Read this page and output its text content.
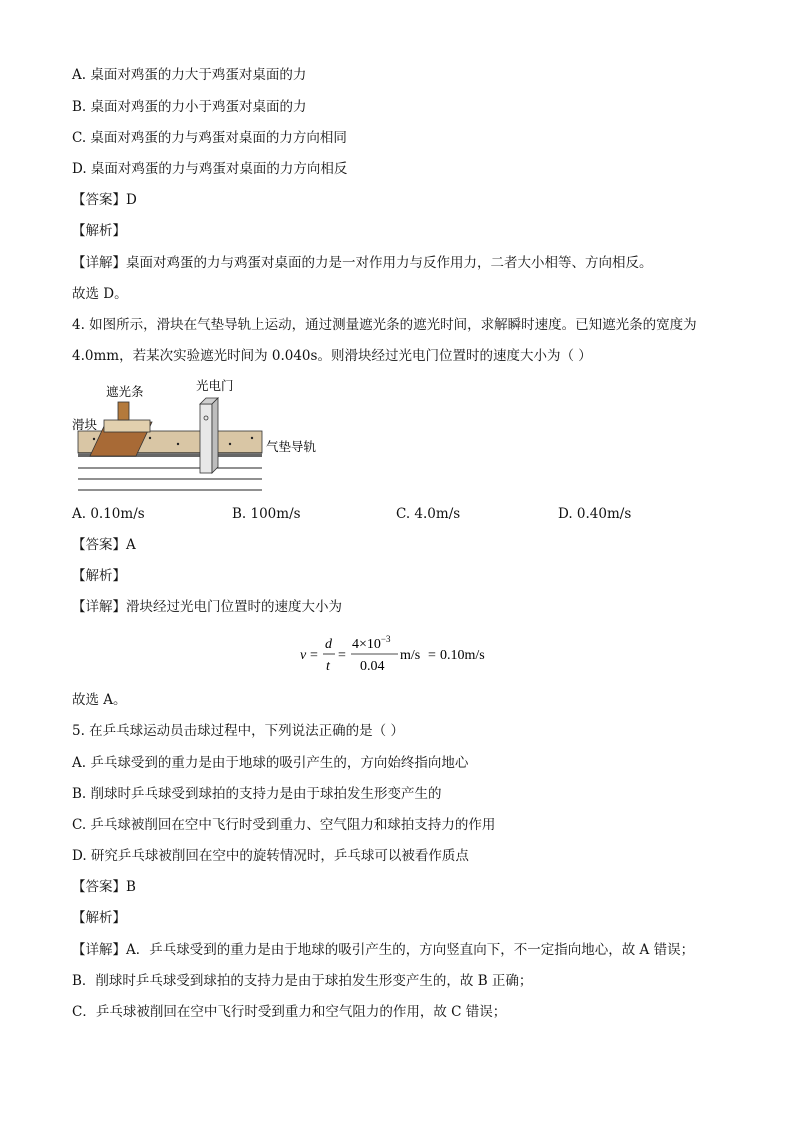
A. 桌面对鸡蛋的力大于鸡蛋对桌面的力
B. 桌面对鸡蛋的力小于鸡蛋对桌面的力
C. 桌面对鸡蛋的力与鸡蛋对桌面的力方向相同
D. 桌面对鸡蛋的力与鸡蛋对桌面的力方向相反
【答案】D
【解析】
【详解】桌面对鸡蛋的力与鸡蛋对桌面的力是一对作用力与反作用力，二者大小相等、方向相反。
故选 D。
4. 如图所示，滑块在气垫导轨上运动，通过测量遮光条的遮光时间，求解瞬时速度。已知遮光条的宽度为
4.0mm，若某次实验遮光时间为 0.040s。则滑块经过光电门位置时的速度大小为（ ）
遮光条	光电门
滑块
气垫导轨
A. 0.10m/s	B. 100m/s	C. 4.0m/s	D. 0.40m/s
【答案】A
【解析】
【详解】滑块经过光电门位置时的速度大小为
v =
d
t
=
$4\times 10^{-3}$
0.04
m/s = 0.10m/s
故选 A。
5. 在乒乓球运动员击球过程中，下列说法正确的是（ ）
A. 乒乓球受到的重力是由于地球的吸引产生的，方向始终指向地心
B. 削球时乒乓球受到球拍的支持力是由于球拍发生形变产生的
C. 乒乓球被削回在空中飞行时受到重力、空气阻力和球拍支持力的作用
D. 研究乒乓球被削回在空中的旋转情况时，乒乓球可以被看作质点
【答案】B
【解析】
【详解】A．乒乓球受到的重力是由于地球的吸引产生的，方向竖直向下，不一定指向地心，故 A 错误；
B．削球时乒乓球受到球拍的支持力是由于球拍发生形变产生的，故 B 正确；
C．乒乓球被削回在空中飞行时受到重力和空气阻力的作用，故 C 错误；
